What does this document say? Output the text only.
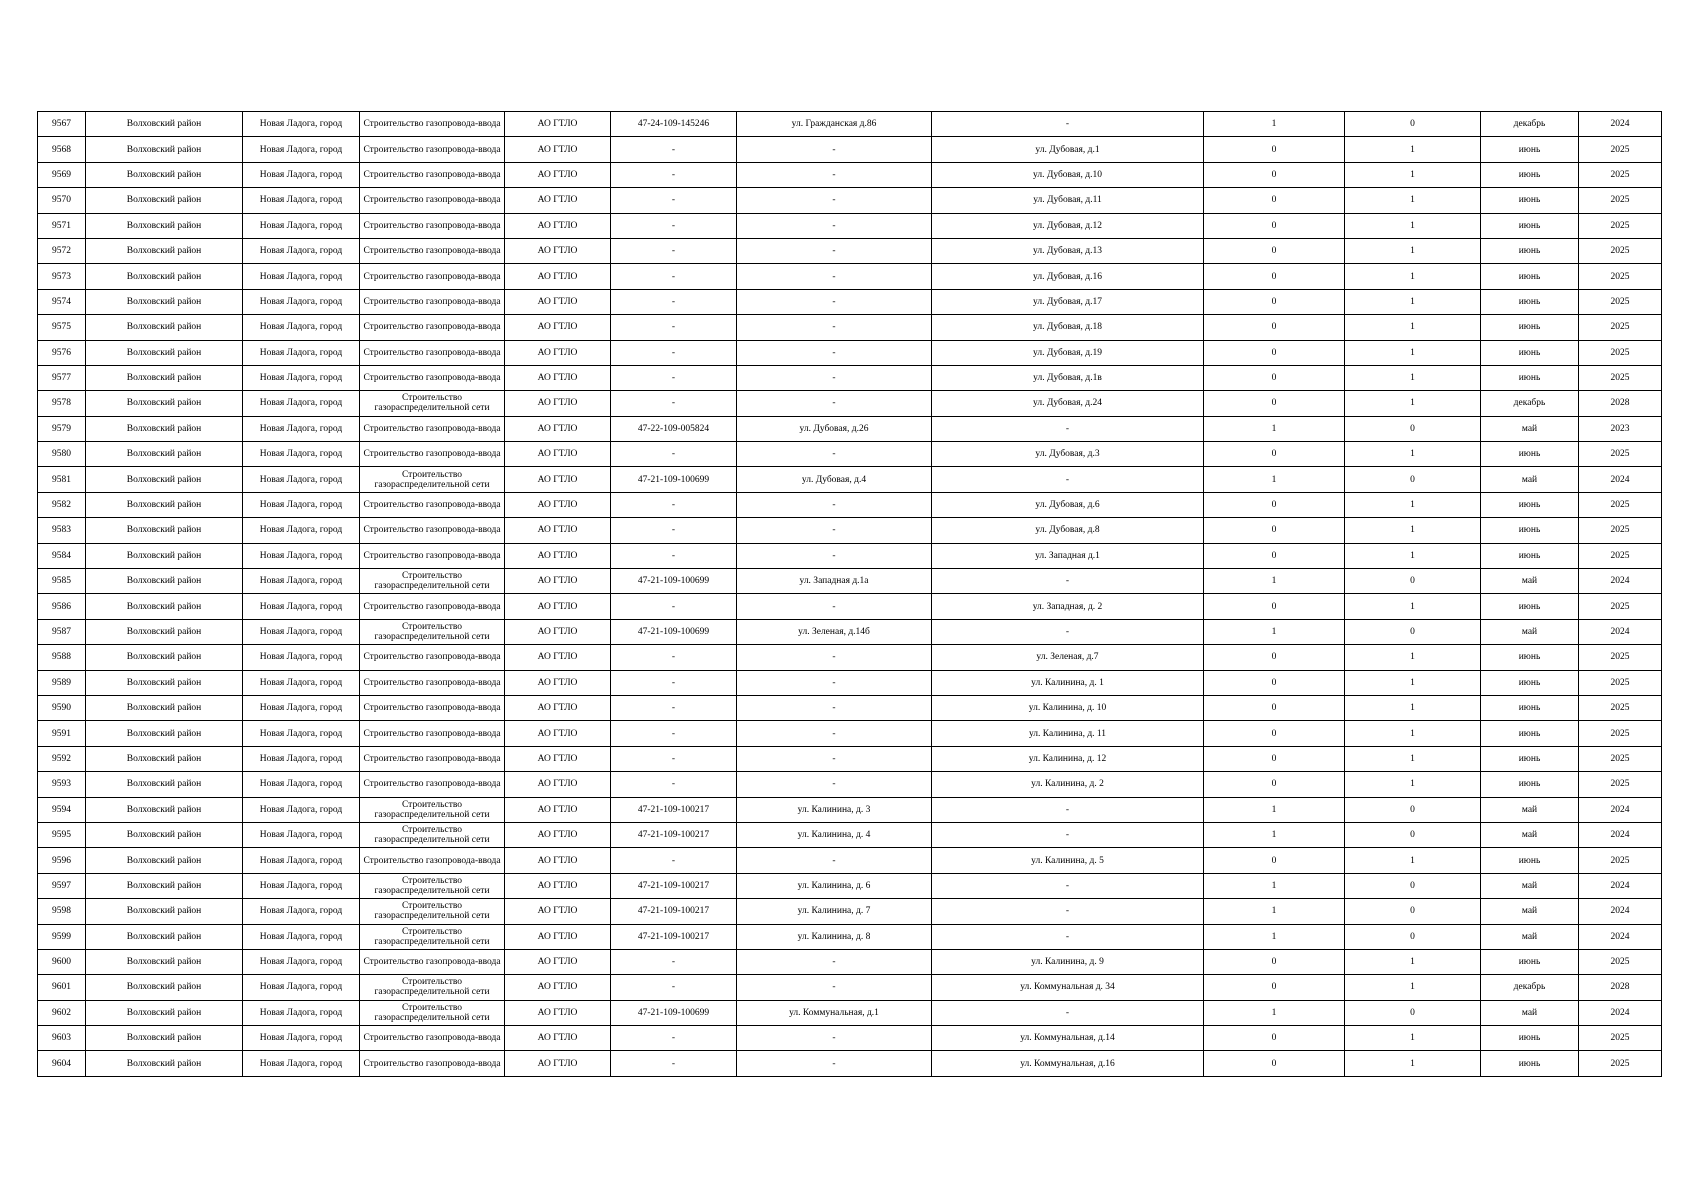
9567	Волховский район	Новая Ладога, город	Строительство газопровода-ввода	АО ГТЛО	47-24-109-145246	ул. Гражданская д.86	-	1	0	декабрь	2024
9568	Волховский район	Новая Ладога, город	Строительство газопровода-ввода	АО ГТЛО	-	-	ул. Дубовая, д.1	0	1	июнь	2025
9569	Волховский район	Новая Ладога, город	Строительство газопровода-ввода	АО ГТЛО	-	-	ул. Дубовая, д.10	0	1	июнь	2025
9570	Волховский район	Новая Ладога, город	Строительство газопровода-ввода	АО ГТЛО	-	-	ул. Дубовая, д.11	0	1	июнь	2025
9571	Волховский район	Новая Ладога, город	Строительство газопровода-ввода	АО ГТЛО	-	-	ул. Дубовая, д.12	0	1	июнь	2025
9572	Волховский район	Новая Ладога, город	Строительство газопровода-ввода	АО ГТЛО	-	-	ул. Дубовая, д.13	0	1	июнь	2025
9573	Волховский район	Новая Ладога, город	Строительство газопровода-ввода	АО ГТЛО	-	-	ул. Дубовая, д.16	0	1	июнь	2025
9574	Волховский район	Новая Ладога, город	Строительство газопровода-ввода	АО ГТЛО	-	-	ул. Дубовая, д.17	0	1	июнь	2025
9575	Волховский район	Новая Ладога, город	Строительство газопровода-ввода	АО ГТЛО	-	-	ул. Дубовая, д.18	0	1	июнь	2025
9576	Волховский район	Новая Ладога, город	Строительство газопровода-ввода	АО ГТЛО	-	-	ул. Дубовая, д.19	0	1	июнь	2025
9577	Волховский район	Новая Ладога, город	Строительство газопровода-ввода	АО ГТЛО	-	-	ул. Дубовая, д.1в	0	1	июнь	2025
9578	Волховский район	Новая Ладога, город	Строительство газораспределительной сети	АО ГТЛО	-	-	ул. Дубовая, д.24	0	1	декабрь	2028
9579	Волховский район	Новая Ладога, город	Строительство газопровода-ввода	АО ГТЛО	47-22-109-005824	ул. Дубовая, д.26	-	1	0	май	2023
9580	Волховский район	Новая Ладога, город	Строительство газопровода-ввода	АО ГТЛО	-	-	ул. Дубовая, д.3	0	1	июнь	2025
9581	Волховский район	Новая Ладога, город	Строительство газораспределительной сети	АО ГТЛО	47-21-109-100699	ул. Дубовая, д.4	-	1	0	май	2024
9582	Волховский район	Новая Ладога, город	Строительство газопровода-ввода	АО ГТЛО	-	-	ул. Дубовая, д.6	0	1	июнь	2025
9583	Волховский район	Новая Ладога, город	Строительство газопровода-ввода	АО ГТЛО	-	-	ул. Дубовая, д.8	0	1	июнь	2025
9584	Волховский район	Новая Ладога, город	Строительство газопровода-ввода	АО ГТЛО	-	-	ул. Западная д.1	0	1	июнь	2025
9585	Волховский район	Новая Ладога, город	Строительство газораспределительной сети	АО ГТЛО	47-21-109-100699	ул. Западная д.1а	-	1	0	май	2024
9586	Волховский район	Новая Ладога, город	Строительство газопровода-ввода	АО ГТЛО	-	-	ул. Западная, д. 2	0	1	июнь	2025
9587	Волховский район	Новая Ладога, город	Строительство газораспределительной сети	АО ГТЛО	47-21-109-100699	ул. Зеленая, д.14б	-	1	0	май	2024
9588	Волховский район	Новая Ладога, город	Строительство газопровода-ввода	АО ГТЛО	-	-	ул. Зеленая, д.7	0	1	июнь	2025
9589	Волховский район	Новая Ладога, город	Строительство газопровода-ввода	АО ГТЛО	-	-	ул. Калинина, д. 1	0	1	июнь	2025
9590	Волховский район	Новая Ладога, город	Строительство газопровода-ввода	АО ГТЛО	-	-	ул. Калинина, д. 10	0	1	июнь	2025
9591	Волховский район	Новая Ладога, город	Строительство газопровода-ввода	АО ГТЛО	-	-	ул. Калинина, д. 11	0	1	июнь	2025
9592	Волховский район	Новая Ладога, город	Строительство газопровода-ввода	АО ГТЛО	-	-	ул. Калинина, д. 12	0	1	июнь	2025
9593	Волховский район	Новая Ладога, город	Строительство газопровода-ввода	АО ГТЛО	-	-	ул. Калинина, д. 2	0	1	июнь	2025
9594	Волховский район	Новая Ладога, город	Строительство газораспределительной сети	АО ГТЛО	47-21-109-100217	ул. Калинина, д. 3	-	1	0	май	2024
9595	Волховский район	Новая Ладога, город	Строительство газораспределительной сети	АО ГТЛО	47-21-109-100217	ул. Калинина, д. 4	-	1	0	май	2024
9596	Волховский район	Новая Ладога, город	Строительство газопровода-ввода	АО ГТЛО	-	-	ул. Калинина, д. 5	0	1	июнь	2025
9597	Волховский район	Новая Ладога, город	Строительство газораспределительной сети	АО ГТЛО	47-21-109-100217	ул. Калинина, д. 6	-	1	0	май	2024
9598	Волховский район	Новая Ладога, город	Строительство газораспределительной сети	АО ГТЛО	47-21-109-100217	ул. Калинина, д. 7	-	1	0	май	2024
9599	Волховский район	Новая Ладога, город	Строительство газораспределительной сети	АО ГТЛО	47-21-109-100217	ул. Калинина, д. 8	-	1	0	май	2024
9600	Волховский район	Новая Ладога, город	Строительство газопровода-ввода	АО ГТЛО	-	-	ул. Калинина, д. 9	0	1	июнь	2025
9601	Волховский район	Новая Ладога, город	Строительство газораспределительной сети	АО ГТЛО	-	-	ул. Коммунальная д. 34	0	1	декабрь	2028
9602	Волховский район	Новая Ладога, город	Строительство газораспределительной сети	АО ГТЛО	47-21-109-100699	ул. Коммунальная, д.1	-	1	0	май	2024
9603	Волховский район	Новая Ладога, город	Строительство газопровода-ввода	АО ГТЛО	-	-	ул. Коммунальная, д.14	0	1	июнь	2025
9604	Волховский район	Новая Ладога, город	Строительство газопровода-ввода	АО ГТЛО	-	-	ул. Коммунальная, д.16	0	1	июнь	2025
